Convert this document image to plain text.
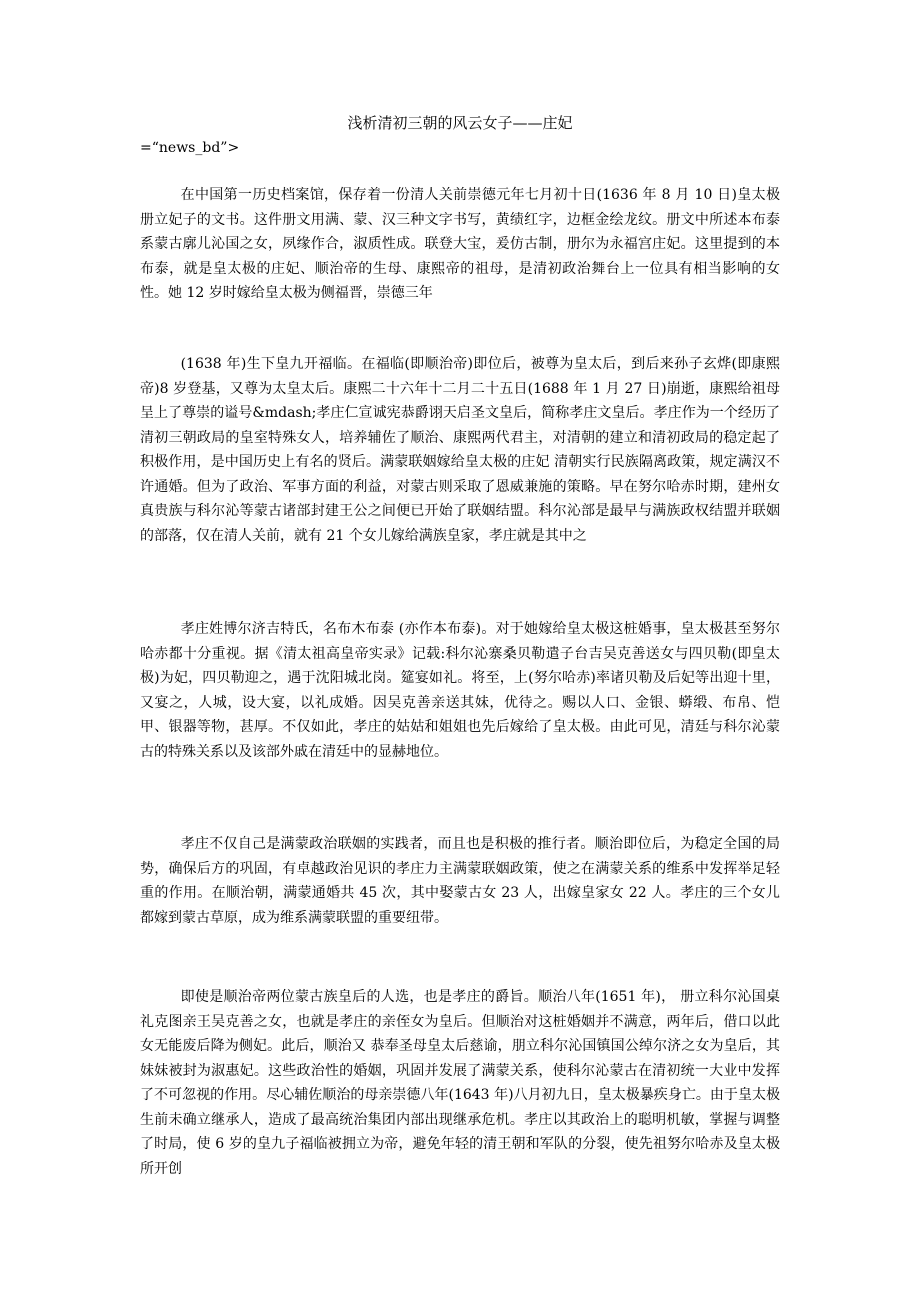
浅析清初三朝的风云女子——庄妃
=“news_bd”>

在中国第一历史档案馆，保存着一份清人关前崇德元年七月初十日(1636 年 8 月 10 日)皇太极册立妃子的文书。这件册文用满、蒙、汉三种文字书写，黄绩红字，边框金绘龙纹。册文中所述本布泰系蒙古廓儿沁国之女，夙缘作合，淑质性成。联登大宝，爰仿古制，册尔为永福宫庄妃。这里提到的本布泰，就是皇太极的庄妃、顺治帝的生母、康熙帝的祖母，是清初政治舞台上一位具有相当影响的女性。她 12 岁时嫁给皇太极为侧福晋，崇德三年

(1638 年)生下皇九开福临。在福临(即顺治帝)即位后，被尊为皇太后，到后来孙子玄烨(即康熙帝)8 岁登基，又尊为太皇太后。康熙二十六年十二月二十五日(1688 年 1 月 27 日)崩逝，康熙给祖母呈上了尊崇的谥号&mdash;孝庄仁宣诚宪恭爵诩天启圣文皇后，简称孝庄文皇后。孝庄作为一个经历了清初三朝政局的皇室特殊女人，培养辅佐了顺治、康熙两代君主，对清朝的建立和清初政局的稳定起了积极作用，是中国历史上有名的贤后。满蒙联姻嫁给皇太极的庄妃 清朝实行民族隔离政策，规定满汉不许通婚。但为了政治、军事方面的利益，对蒙古则采取了恩威兼施的策略。早在努尔哈赤时期，建州女真贵族与科尔沁等蒙古诸部封建王公之间便已开始了联姻结盟。科尔沁部是最早与满族政权结盟并联姻的部落，仅在清人关前，就有 21 个女儿嫁给满族皇家，孝庄就是其中之

孝庄姓博尔济吉特氏，名布木布泰 (亦作本布泰)。对于她嫁给皇太极这桩婚事，皇太极甚至努尔哈赤都十分重视。据《清太祖高皇帝实录》记载:科尔沁寨桑贝勒遣子台吉吴克善送女与四贝勒(即皇太极)为妃，四贝勒迎之，遇于沈阳城北岗。筵宴如礼。将至，上(努尔哈赤)率诸贝勒及后妃等出迎十里，又宴之，人城，设大宴，以礼成婚。因吴克善亲送其妹，优待之。赐以人口、金银、蟒缎、布帛、恺甲、银器等物，甚厚。不仅如此，孝庄的姑姑和姐姐也先后嫁给了皇太极。由此可见，清廷与科尔沁蒙古的特殊关系以及该部外戚在清廷中的显赫地位。

孝庄不仅自己是满蒙政治联姻的实践者，而且也是积极的推行者。顺治即位后，为稳定全国的局势，确保后方的巩固，有卓越政治见识的孝庄力主满蒙联姻政策，使之在满蒙关系的维系中发挥举足轻重的作用。在顺治朝，满蒙通婚共 45 次，其中娶蒙古女 23 人，出嫁皇家女 22 人。孝庄的三个女儿都嫁到蒙古草原，成为维系满蒙联盟的重要纽带。

即使是顺治帝两位蒙古族皇后的人选，也是孝庄的爵旨。顺治八年(1651 年)， 册立科尔沁国桌礼克图亲王吴克善之女，也就是孝庄的亲侄女为皇后。但顺治对这桩婚姻并不满意，两年后，借口以此女无能废后降为侧妃。此后，顺治又 恭奉圣母皇太后慈谕，朋立科尔沁国镇国公绰尔济之女为皇后，其妹妹被封为淑惠妃。这些政治性的婚姻，巩固并发展了满蒙关系，使科尔沁蒙古在清初统一大业中发挥了不可忽视的作用。尽心辅佐顺治的母亲崇德八年(1643 年)八月初九日，皇太极暴疾身亡。由于皇太极生前未确立继承人，造成了最高统治集团内部出现继承危机。孝庄以其政治上的聪明机敏，掌握与调整了时局，使 6 岁的皇九子福临被拥立为帝，避免年轻的清王朝和军队的分裂，使先祖努尔哈赤及皇太极所开创
